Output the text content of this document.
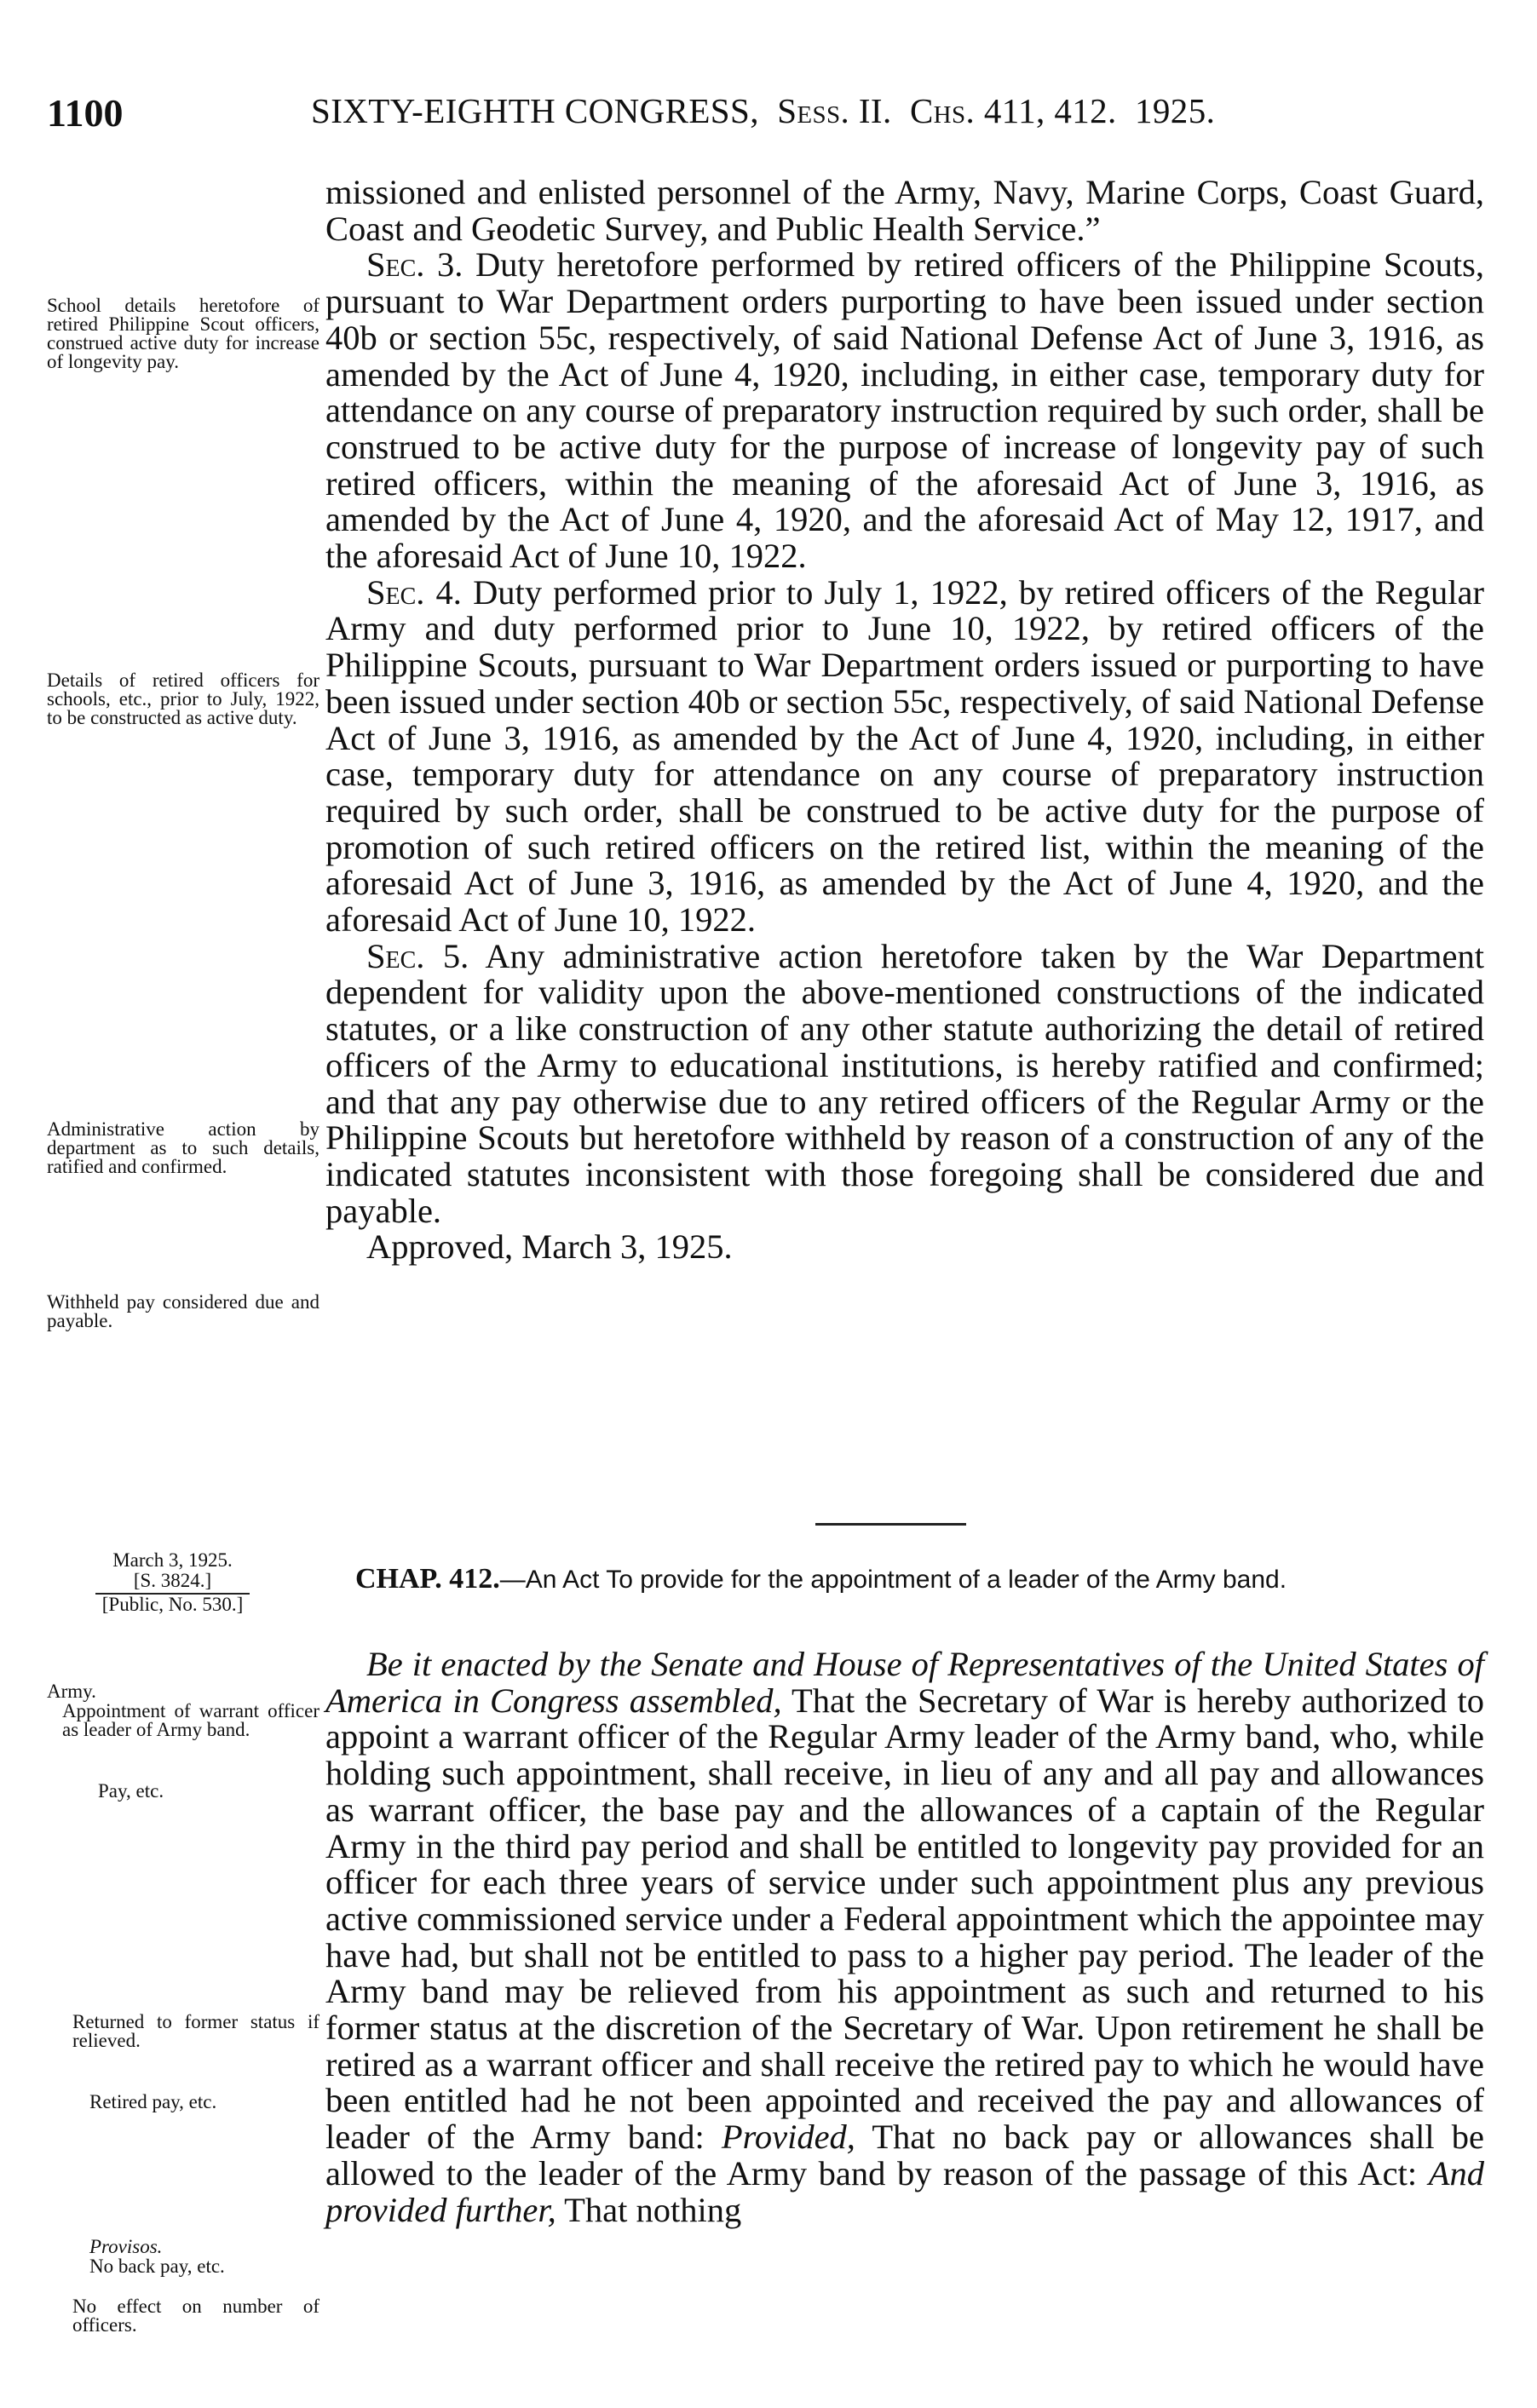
1100	SIXTY-EIGHTH CONGRESS, Sess. II. Chs. 411, 412. 1925.

missioned and enlisted personnel of the Army, Navy, Marine Corps, Coast Guard, Coast and Geodetic Survey, and Public Health Service.”

Sec. 3. Duty heretofore performed by retired officers of the Philippine Scouts, pursuant to War Department orders purporting to have been issued under section 40b or section 55c, respectively, of said National Defense Act of June 3, 1916, as amended by the Act of June 4, 1920, including, in either case, temporary duty for attendance on any course of preparatory instruction required by such order, shall be construed to be active duty for the purpose of increase of longevity pay of such retired officers, within the meaning of the aforesaid Act of June 3, 1916, as amended by the Act of June 4, 1920, and the aforesaid Act of May 12, 1917, and the aforesaid Act of June 10, 1922.

Sec. 4. Duty performed prior to July 1, 1922, by retired officers of the Regular Army and duty performed prior to June 10, 1922, by retired officers of the Philippine Scouts, pursuant to War Department orders issued or purporting to have been issued under section 40b or section 55c, respectively, of said National Defense Act of June 3, 1916, as amended by the Act of June 4, 1920, including, in either case, temporary duty for attendance on any course of preparatory instruction required by such order, shall be construed to be active duty for the purpose of promotion of such retired officers on the retired list, within the meaning of the aforesaid Act of June 3, 1916, as amended by the Act of June 4, 1920, and the aforesaid Act of June 10, 1922.

Sec. 5. Any administrative action heretofore taken by the War Department dependent for validity upon the above-mentioned constructions of the indicated statutes, or a like construction of any other statute authorizing the detail of retired officers of the Army to educational institutions, is hereby ratified and confirmed; and that any pay otherwise due to any retired officers of the Regular Army or the Philippine Scouts but heretofore withheld by reason of a construction of any of the indicated statutes inconsistent with those foregoing shall be considered due and payable.

Approved, March 3, 1925.

CHAP. 412.—An Act To provide for the appointment of a leader of the Army band.

Be it enacted by the Senate and House of Representatives of the United States of America in Congress assembled, That the Secretary of War is hereby authorized to appoint a warrant officer of the Regular Army leader of the Army band, who, while holding such appointment, shall receive, in lieu of any and all pay and allowances as warrant officer, the base pay and the allowances of a captain of the Regular Army in the third pay period and shall be entitled to longevity pay provided for an officer for each three years of service under such appointment plus any previous active commissioned service under a Federal appointment which the appointee may have had, but shall not be entitled to pass to a higher pay period. The leader of the Army band may be relieved from his appointment as such and returned to his former status at the discretion of the Secretary of War. Upon retirement he shall be retired as a warrant officer and shall receive the retired pay to which he would have been entitled had he not been appointed and received the pay and allowances of leader of the Army band: Provided, That no back pay or allowances shall be allowed to the leader of the Army band by reason of the passage of this Act: And provided further, That nothing

School details heretofore of retired Philippine Scout officers, construed active duty for increase of longevity pay.
Details of retired officers for schools, etc., prior to July, 1922, to be constructed as active duty.
Administrative action by department as to such details, ratified and confirmed.
Withheld pay considered due and payable.
March 3, 1925.
[S. 3824.]
[Public, No. 530.]
Army.
Appointment of warrant officer as leader of Army band.
Pay, etc.
Returned to former status if relieved.
Retired pay, etc.
Provisos.
No back pay, etc.
No effect on number of officers.
